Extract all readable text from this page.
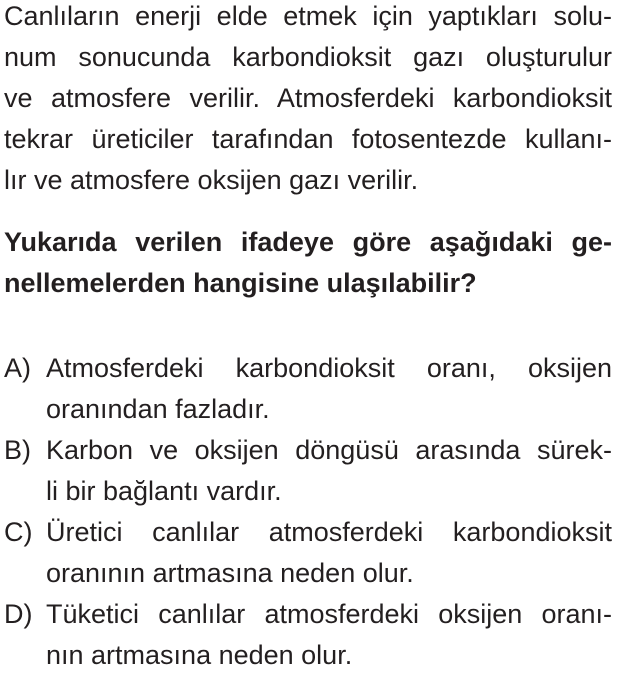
Canlıların enerji elde etmek için yaptıkları solu-
num sonucunda karbondioksit gazı oluşturulur
ve atmosfere verilir. Atmosferdeki karbondioksit
tekrar üreticiler tarafından fotosentezde kullanı-
lır ve atmosfere oksijen gazı verilir.
Yukarıda verilen ifadeye göre aşağıdaki ge-
nellemelerden hangisine ulaşılabilir?
A) Atmosferdeki karbondioksit oranı, oksijen
oranından fazladır.
B) Karbon ve oksijen döngüsü arasında sürek-
li bir bağlantı vardır.
C) Üretici canlılar atmosferdeki karbondioksit
oranının artmasına neden olur.
D) Tüketici canlılar atmosferdeki oksijen oranı-
nın artmasına neden olur.
